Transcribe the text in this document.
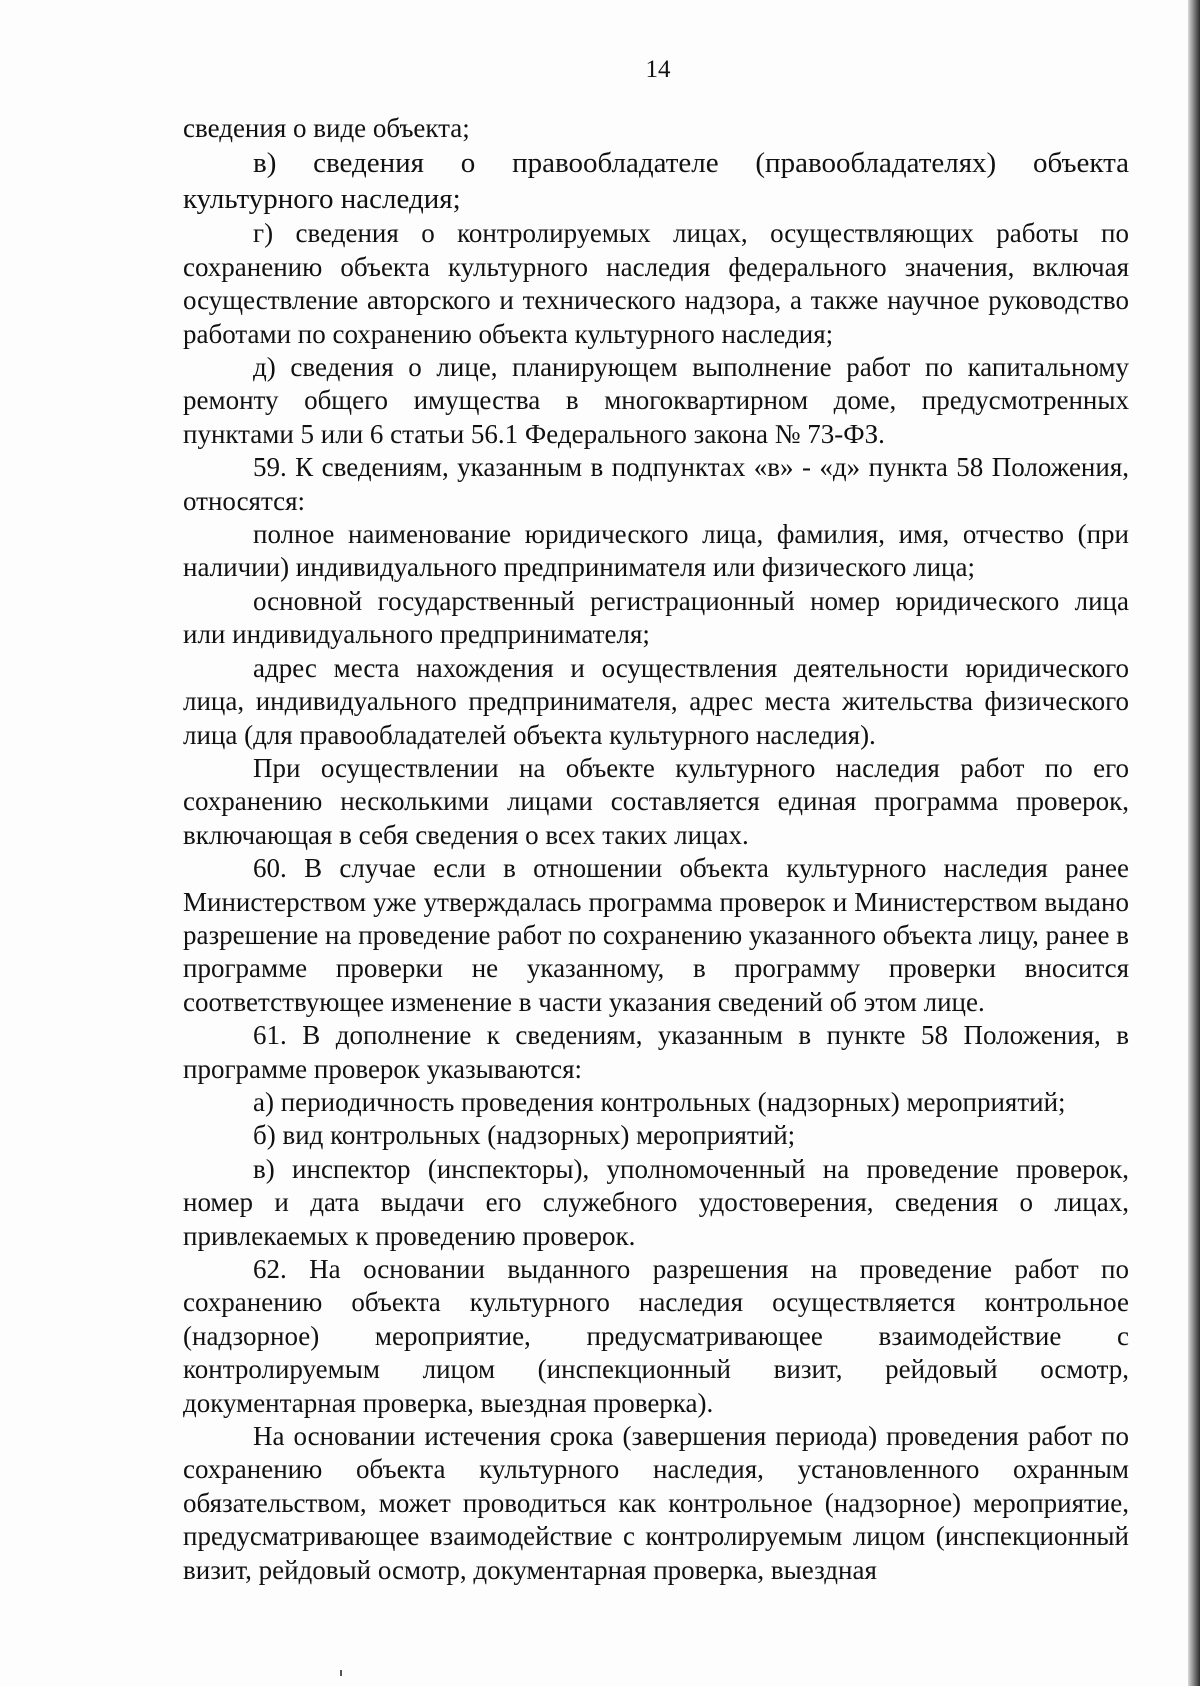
14

сведения о виде объекта;

в) сведения о правообладателе (правообладателях) объекта культурного наследия;

г) сведения о контролируемых лицах, осуществляющих работы по сохранению объекта культурного наследия федерального значения, включая осуществление авторского и технического надзора, а также научное руководство работами по сохранению объекта культурного наследия;

д) сведения о лице, планирующем выполнение работ по капитальному ремонту общего имущества в многоквартирном доме, предусмотренных пунктами 5 или 6 статьи 56.1 Федерального закона № 73-ФЗ.

59. К сведениям, указанным в подпунктах «в» - «д» пункта 58 Положения, относятся:

полное наименование юридического лица, фамилия, имя, отчество (при наличии) индивидуального предпринимателя или физического лица;

основной государственный регистрационный номер юридического лица или индивидуального предпринимателя;

адрес места нахождения и осуществления деятельности юридического лица, индивидуального предпринимателя, адрес места жительства физического лица (для правообладателей объекта культурного наследия).

При осуществлении на объекте культурного наследия работ по его сохранению несколькими лицами составляется единая программа проверок, включающая в себя сведения о всех таких лицах.

60. В случае если в отношении объекта культурного наследия ранее Министерством уже утверждалась программа проверок и Министерством выдано разрешение на проведение работ по сохранению указанного объекта лицу, ранее в программе проверки не указанному, в программу проверки вносится соответствующее изменение в части указания сведений об этом лице.

61. В дополнение к сведениям, указанным в пункте 58 Положения, в программе проверок указываются:

а) периодичность проведения контрольных (надзорных) мероприятий;

б) вид контрольных (надзорных) мероприятий;

в) инспектор (инспекторы), уполномоченный на проведение проверок, номер и дата выдачи его служебного удостоверения, сведения о лицах, привлекаемых к проведению проверок.

62. На основании выданного разрешения на проведение работ по сохранению объекта культурного наследия осуществляется контрольное (надзорное) мероприятие, предусматривающее взаимодействие с контролируемым лицом (инспекционный визит, рейдовый осмотр, документарная проверка, выездная проверка).

На основании истечения срока (завершения периода) проведения работ по сохранению объекта культурного наследия, установленного охранным обязательством, может проводиться как контрольное (надзорное) мероприятие, предусматривающее взаимодействие с контролируемым лицом (инспекционный визит, рейдовый осмотр, документарная проверка, выездная
